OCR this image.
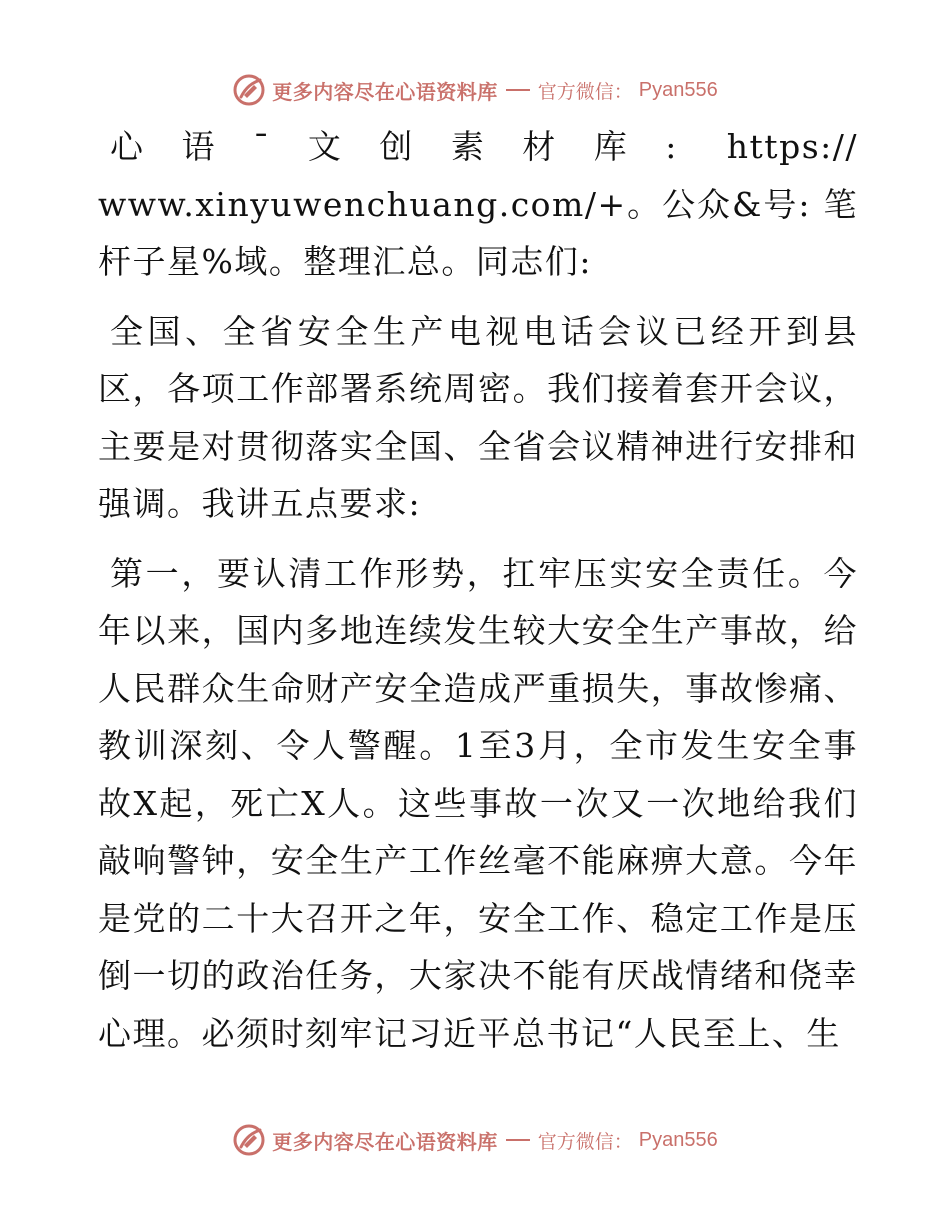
更多内容尽在心语资料库 官方微信： Pyan556

心语¯文创素材库: https:// www.xinyuwenchuang.com/+。公众&号: 笔杆子星%域。整理汇总。同志们:

全国、全省安全生产电视电话会议已经开到县区，各项工作部署系统周密。我们接着套开会议，主要是对贯彻落实全国、全省会议精神进行安排和强调。我讲五点要求:

第一，要认清工作形势，扛牢压实安全责任。今年以来，国内多地连续发生较大安全生产事故，给人民群众生命财产安全造成严重损失，事故惨痛、教训深刻、令人警醒。1至3月，全市发生安全事故X起，死亡X人。这些事故一次又一次地给我们敲响警钟，安全生产工作丝毫不能麻痹大意。今年是党的二十大召开之年，安全工作、稳定工作是压倒一切的政治任务，大家决不能有厌战情绪和侥幸心理。必须时刻牢记习近平总书记“人民至上、生

更多内容尽在心语资料库 官方微信： Pyan556
